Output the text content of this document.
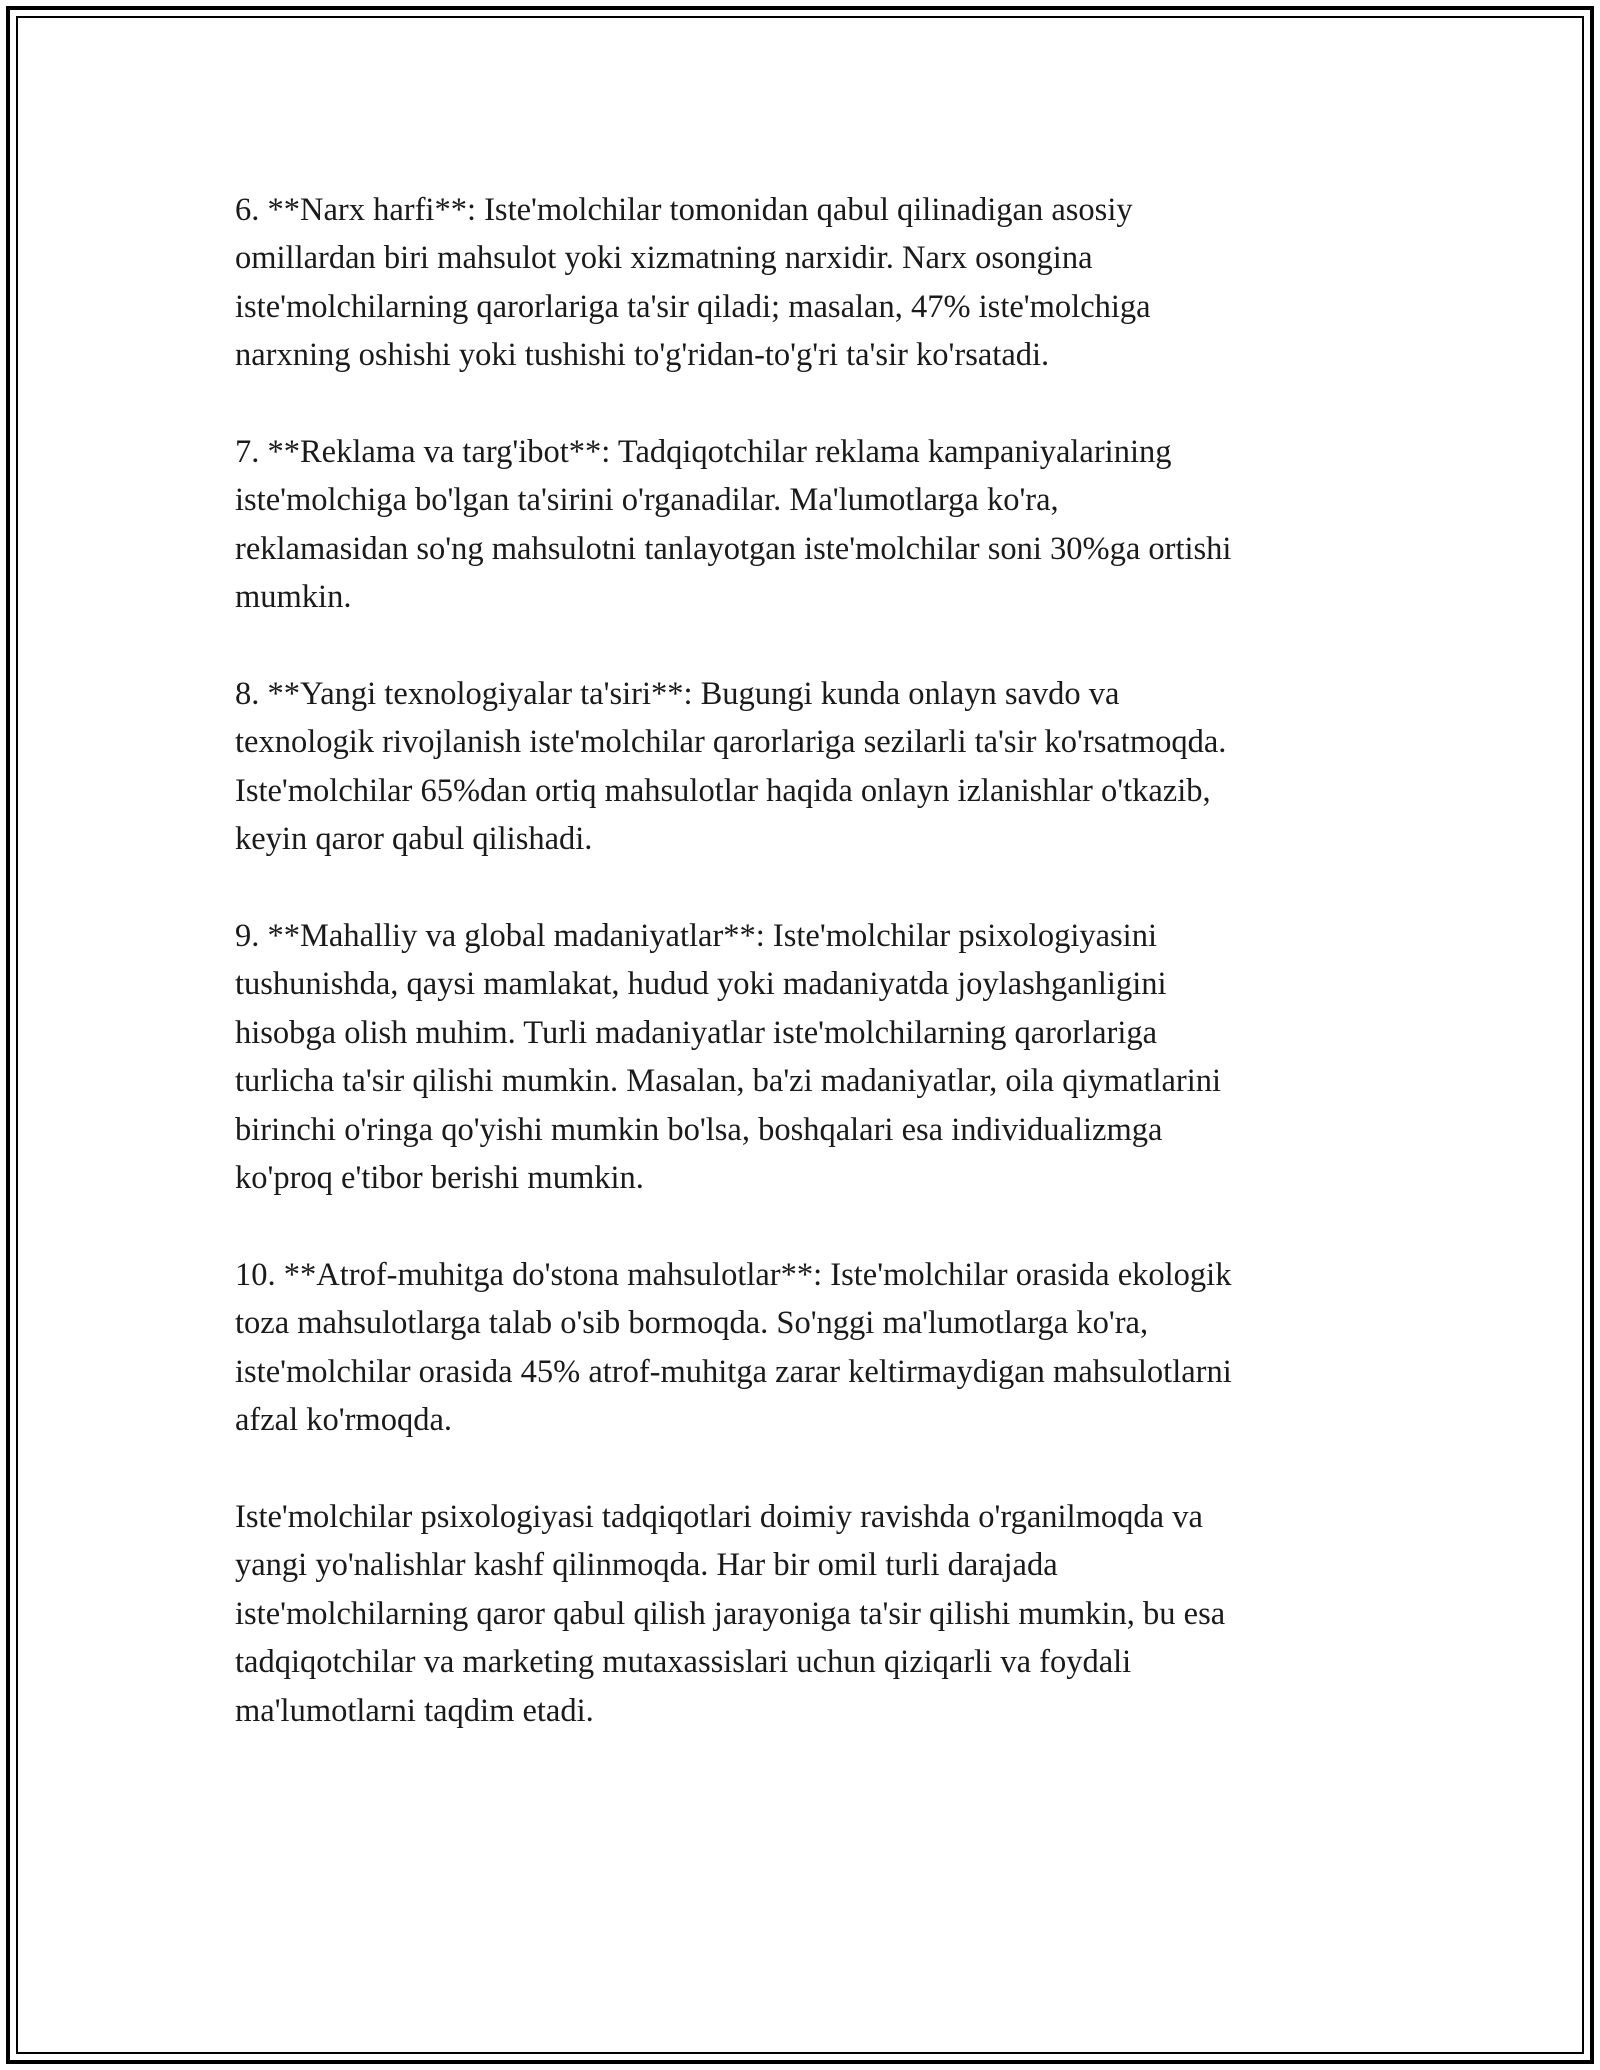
6. **Narx harfi**: Iste'molchilar tomonidan qabul qilinadigan asosiy
omillardan biri mahsulot yoki xizmatning narxidir. Narx osongina
iste'molchilarning qarorlariga ta'sir qiladi; masalan, 47% iste'molchiga
narxning oshishi yoki tushishi to'g'ridan-to'g'ri ta'sir ko'rsatadi.

7. **Reklama va targ'ibot**: Tadqiqotchilar reklama kampaniyalarining
iste'molchiga bo'lgan ta'sirini o'rganadilar. Ma'lumotlarga ko'ra,
reklamasidan so'ng mahsulotni tanlayotgan iste'molchilar soni 30%ga ortishi
mumkin.

8. **Yangi texnologiyalar ta'siri**: Bugungi kunda onlayn savdo va
texnologik rivojlanish iste'molchilar qarorlariga sezilarli ta'sir ko'rsatmoqda.
Iste'molchilar 65%dan ortiq mahsulotlar haqida onlayn izlanishlar o'tkazib,
keyin qaror qabul qilishadi.

9. **Mahalliy va global madaniyatlar**: Iste'molchilar psixologiyasini
tushunishda, qaysi mamlakat, hudud yoki madaniyatda joylashganligini
hisobga olish muhim. Turli madaniyatlar iste'molchilarning qarorlariga
turlicha ta'sir qilishi mumkin. Masalan, ba'zi madaniyatlar, oila qiymatlarini
birinchi o'ringa qo'yishi mumkin bo'lsa, boshqalari esa individualizmga
ko'proq e'tibor berishi mumkin.

10. **Atrof-muhitga do'stona mahsulotlar**: Iste'molchilar orasida ekologik
toza mahsulotlarga talab o'sib bormoqda. So'nggi ma'lumotlarga ko'ra,
iste'molchilar orasida 45% atrof-muhitga zarar keltirmaydigan mahsulotlarni
afzal ko'rmoqda.

Iste'molchilar psixologiyasi tadqiqotlari doimiy ravishda o'rganilmoqda va
yangi yo'nalishlar kashf qilinmoqda. Har bir omil turli darajada
iste'molchilarning qaror qabul qilish jarayoniga ta'sir qilishi mumkin, bu esa
tadqiqotchilar va marketing mutaxassislari uchun qiziqarli va foydali
ma'lumotlarni taqdim etadi.
